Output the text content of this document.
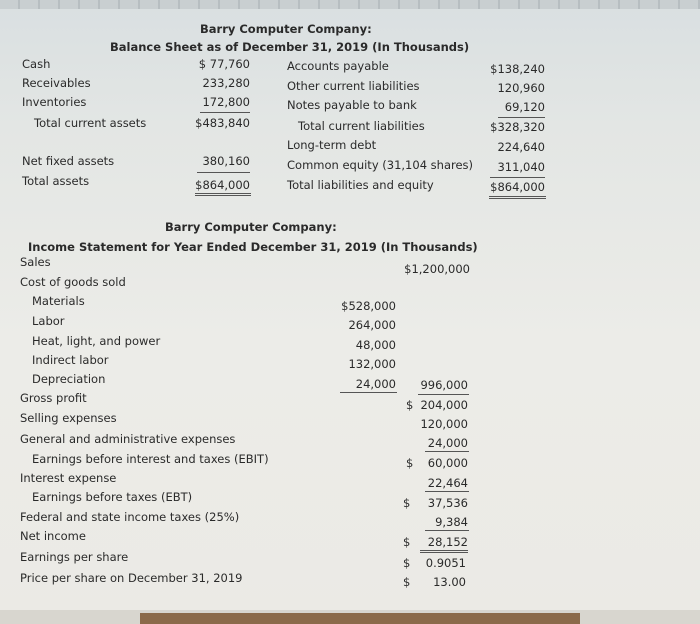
Barry Computer Company:
Balance Sheet as of December 31, 2019 (In Thousands)
Cash	$ 77,760
Receivables	233,280
Inventories	172,800
Total current assets	$483,840
Net fixed assets	380,160
Total assets	$864,000
Accounts payable	$138,240
Other current liabilities	120,960
Notes payable to bank	69,120
Total current liabilities	$328,320
Long-term debt	224,640
Common equity (31,104 shares)	311,040
Total liabilities and equity	$864,000
Barry Computer Company:
Income Statement for Year Ended December 31, 2019 (In Thousands)
Sales	$1,200,000
Cost of goods sold
Materials	$528,000
Labor	264,000
Heat, light, and power	48,000
Indirect labor	132,000
Depreciation	24,000	996,000
Gross profit	$ 204,000
Selling expenses	120,000
General and administrative expenses	24,000
Earnings before interest and taxes (EBIT)	$	60,000
Interest expense	22,464
Earnings before taxes (EBT)	$	37,536
Federal and state income taxes (25%)	9,384
Net income	$	28,152
Earnings per share	$	0.9051
Price per share on December 31, 2019	$	13.00
